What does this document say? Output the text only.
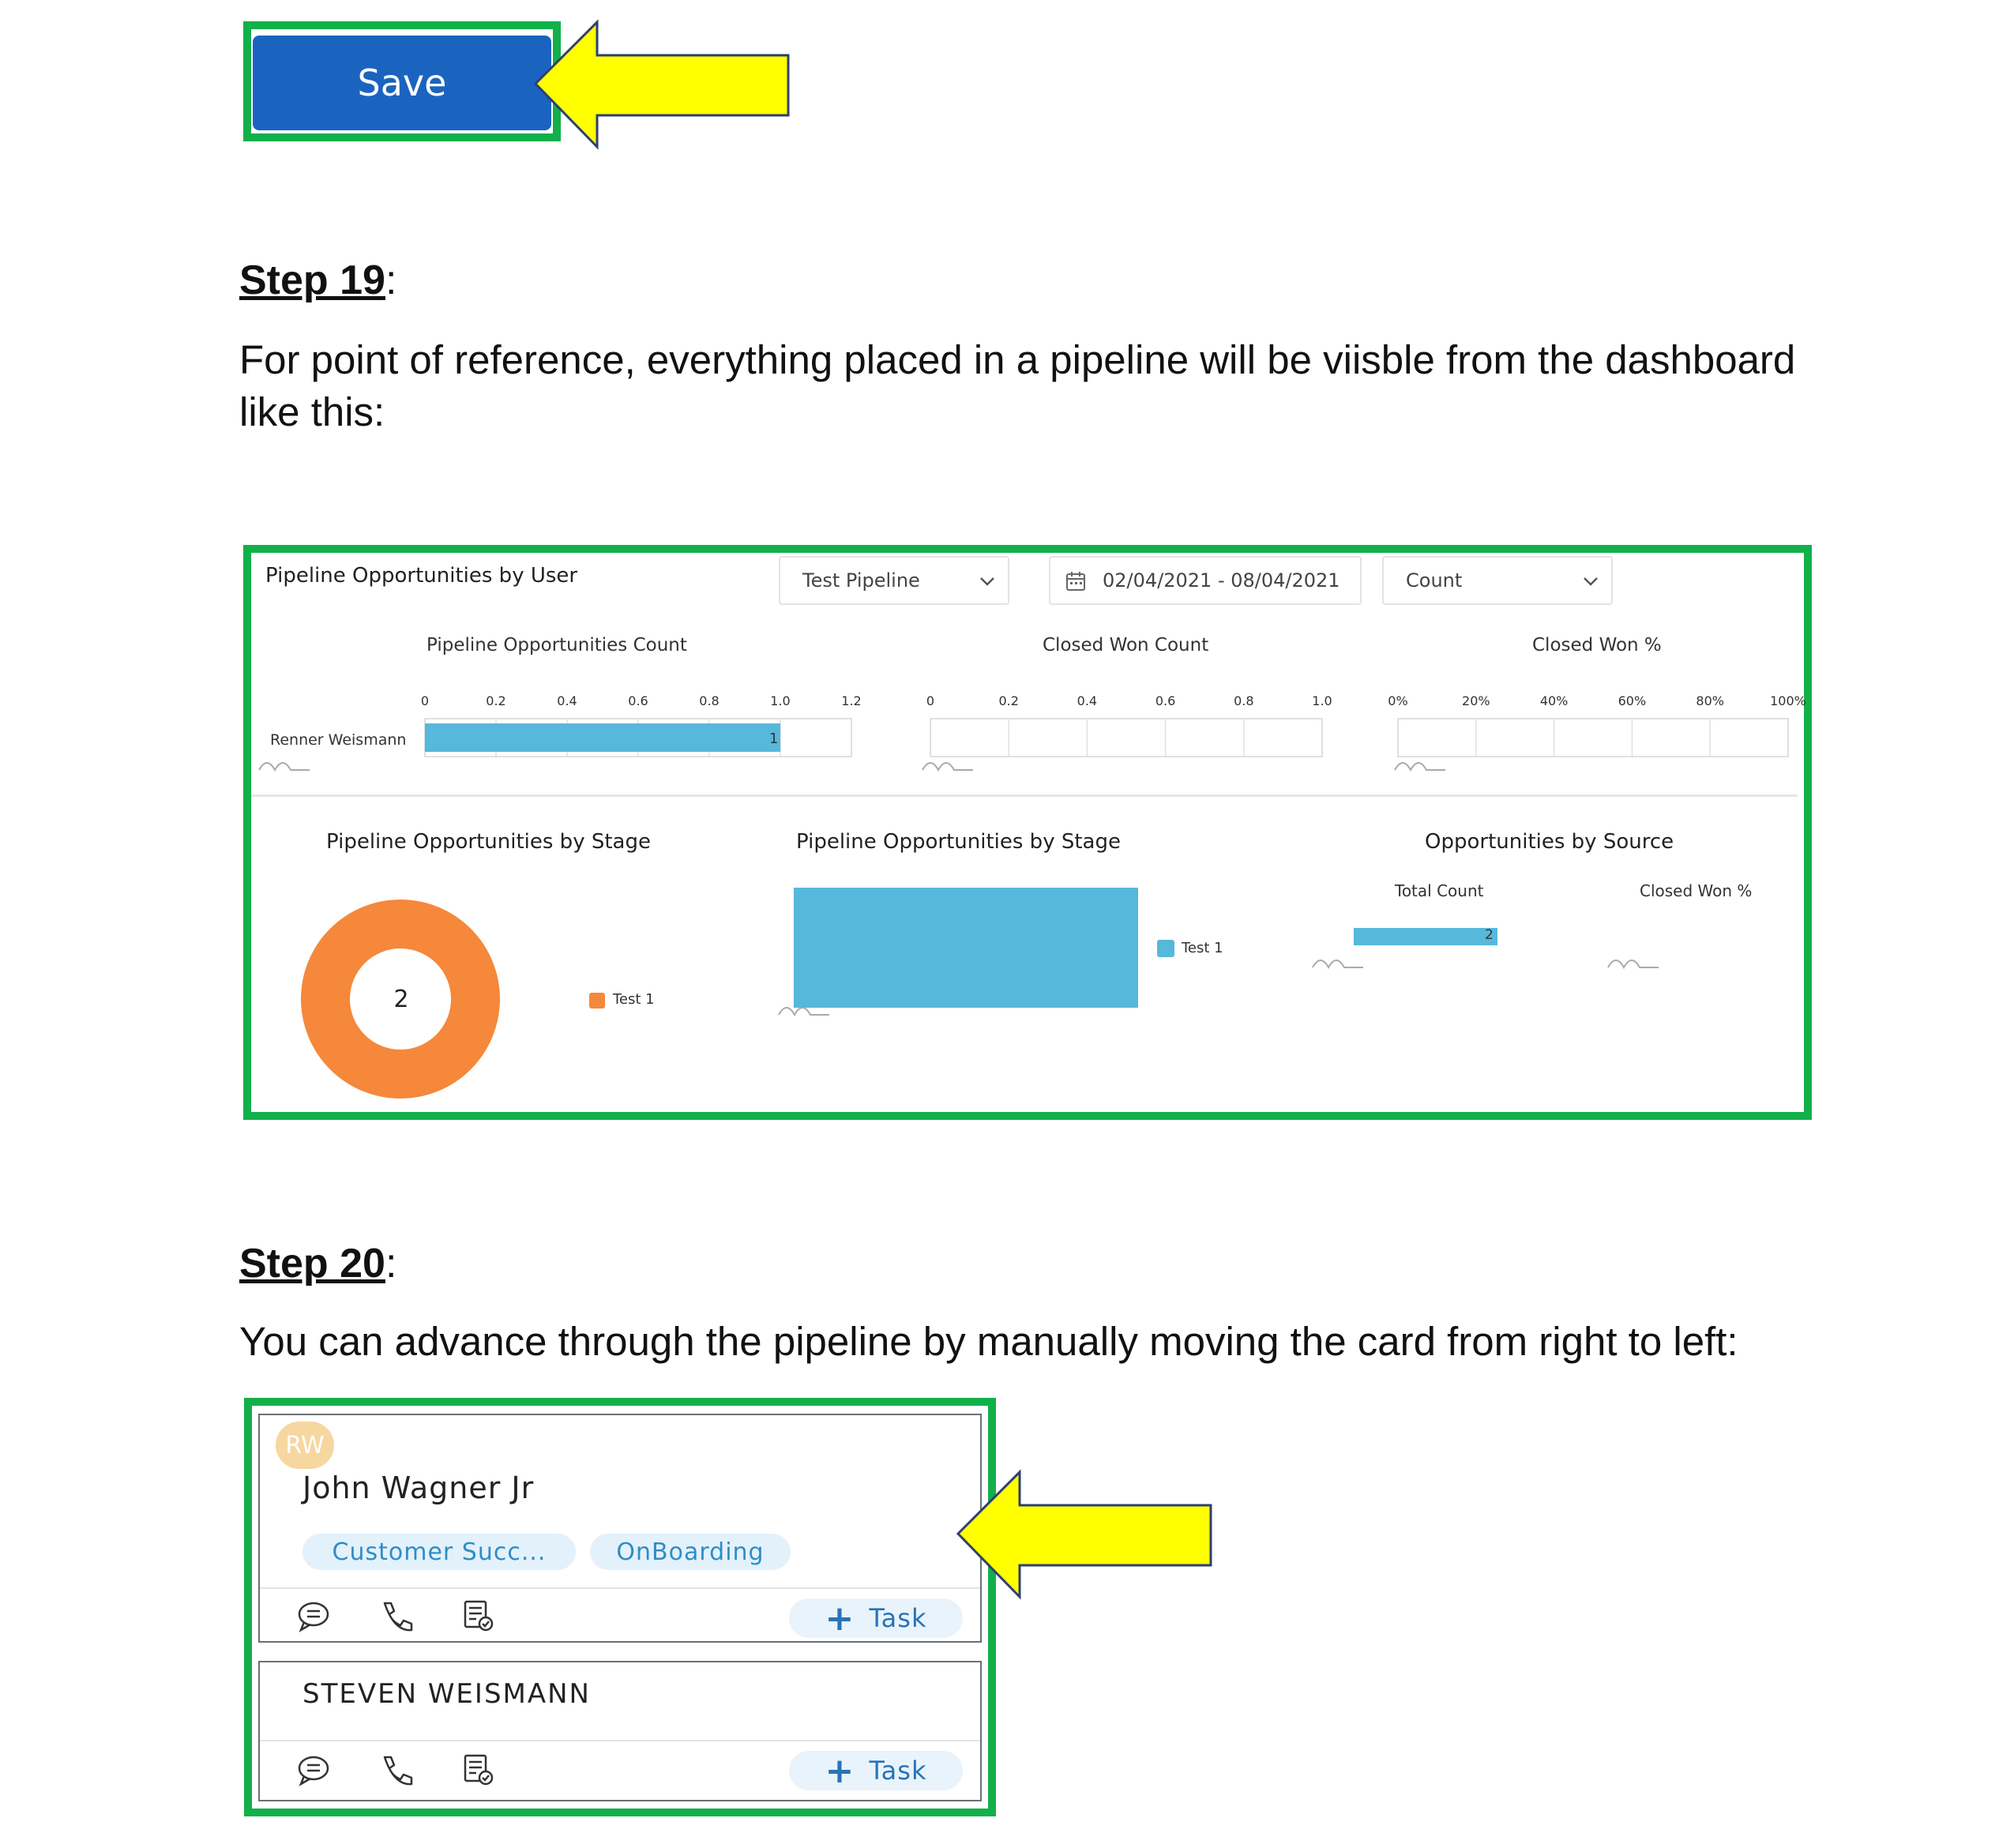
Save
Step 19:
For point of reference, everything placed in a pipeline will be viisble from the dashboard
like this:
Pipeline Opportunities by User	Test Pipeline	02/04/2021 - 08/04/2021	Count
Pipeline Opportunities Count	Closed Won Count	Closed Won %
Renner Weismann	1
Pipeline Opportunities by Stage	Pipeline Opportunities by Stage	Opportunities by Source
2	Test 1
Test 1
Total Count	Closed Won %
2
0	0.2	0.4	0.6	0.8	1.0	1.2	0	0.2	0.4	0.6	0.8	1.0	0%	20%	40%	60%	80%	100%
Step 20:
You can advance through the pipeline by manually moving the card from right to left:
RW
John Wagner Jr
Customer Succ...	OnBoarding
+ Task
STEVEN WEISMANN
+ Task
